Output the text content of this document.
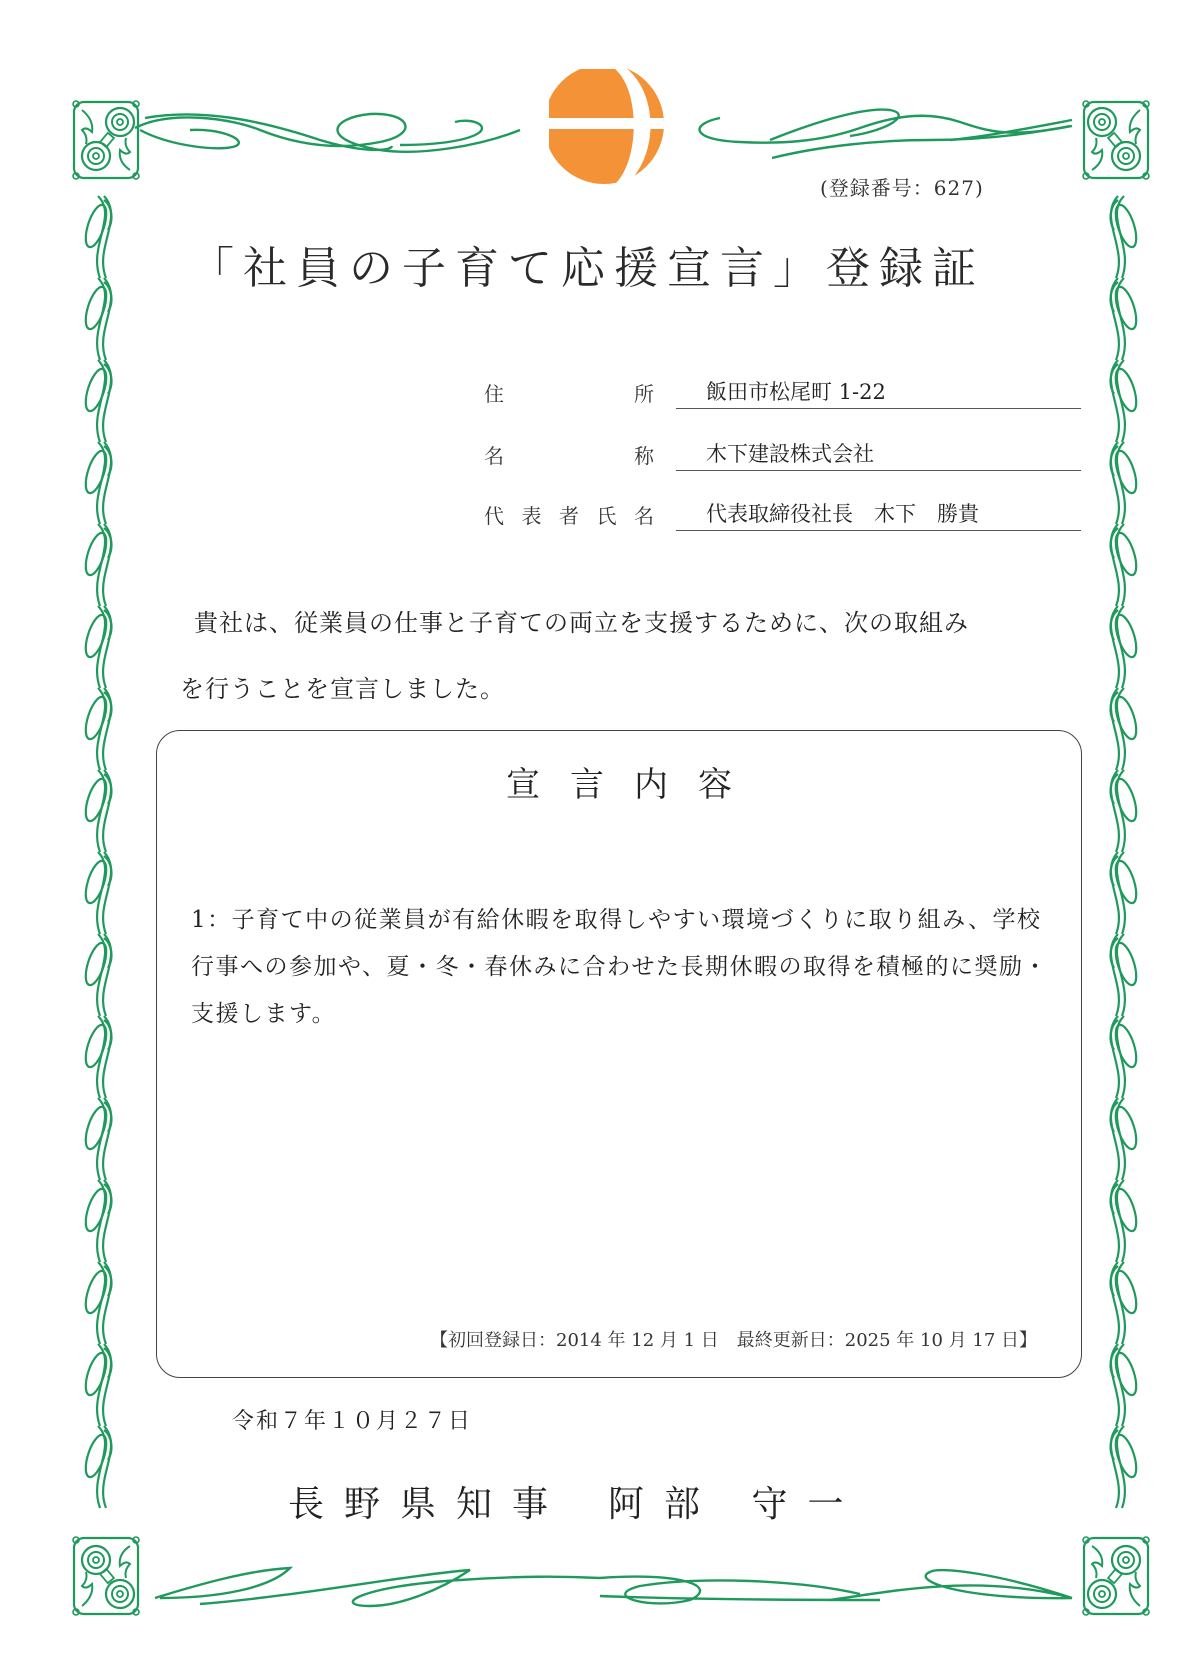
(登録番号：627)
「社員の子育て応援宣言」登録証
住	所 飯田市松尾町 1-22
名	称 木下建設株式会社
代 表 者 氏 名 代表取締役社長　木下　勝貴
貴社は、従業員の仕事と子育ての両立を支援するために、次の取組み
を行うことを宣言しました。
宣言内容
1：子育て中の従業員が有給休暇を取得しやすい環境づくりに取り組み、学校行事への参加や、夏・冬・春休みに合わせた長期休暇の取得を積極的に奨励・支援します。
【初回登録日：2014 年 12 月 1 日　最終更新日：2025 年 10 月 17 日】
令和７年１０月２７日
長野県知事 阿部 守一
